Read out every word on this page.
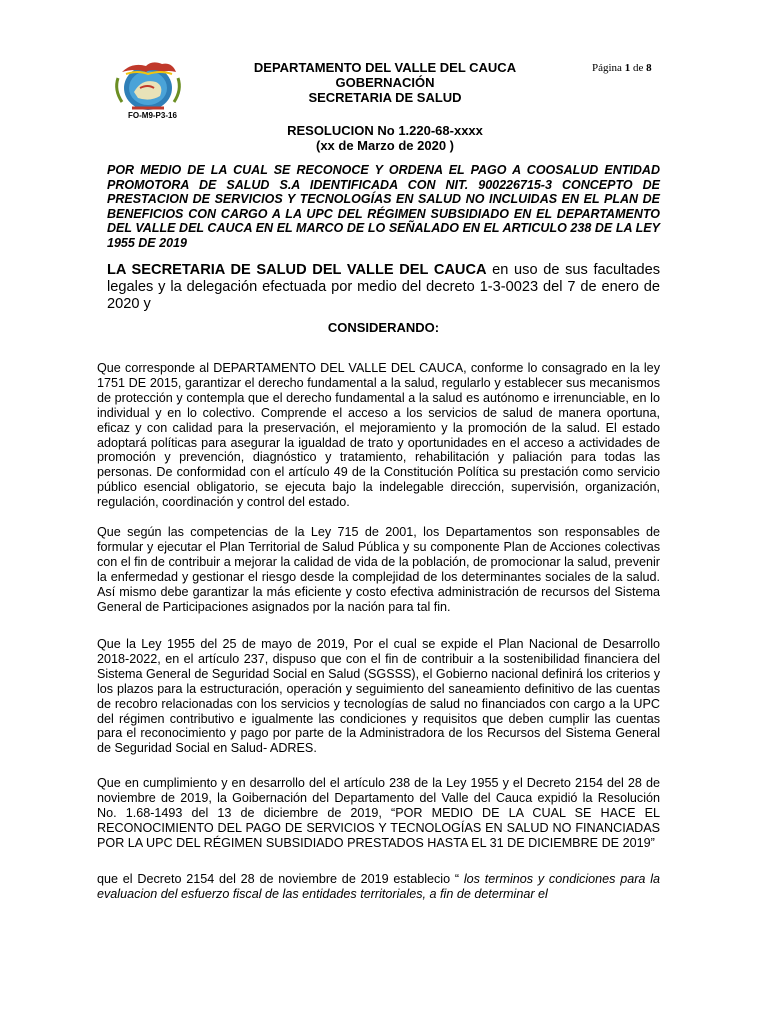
FO-M9-P3-16
DEPARTAMENTO DEL VALLE DEL CAUCA
GOBERNACIÓN
SECRETARIA DE SALUD
Página 1 de 8
RESOLUCION No 1.220-68-xxxx
(xx de Marzo de 2020 )
POR MEDIO DE LA CUAL SE RECONOCE Y ORDENA EL PAGO A COOSALUD ENTIDAD PROMOTORA DE SALUD S.A IDENTIFICADA CON NIT. 900226715-3 CONCEPTO DE PRESTACION DE SERVICIOS Y TECNOLOGÍAS EN SALUD NO INCLUIDAS EN EL PLAN DE BENEFICIOS CON CARGO A LA UPC DEL RÉGIMEN SUBSIDIADO EN EL DEPARTAMENTO DEL VALLE DEL CAUCA EN EL MARCO DE LO SEÑALADO EN EL ARTICULO 238 DE LA LEY 1955 DE 2019
LA SECRETARIA DE SALUD DEL VALLE DEL CAUCA en uso de sus facultades legales y la delegación efectuada por medio del decreto 1-3-0023 del 7 de enero de 2020 y
CONSIDERANDO:

Que corresponde al DEPARTAMENTO DEL VALLE DEL CAUCA, conforme lo consagrado en la ley 1751 DE 2015, garantizar el derecho fundamental a la salud, regularlo y establecer sus mecanismos de protección y contempla que el derecho fundamental a la salud es autónomo e irrenunciable, en lo individual y en lo colectivo. Comprende el acceso a los servicios de salud de manera oportuna, eficaz y con calidad para la preservación, el mejoramiento y la promoción de la salud. El estado adoptará políticas para asegurar la igualdad de trato y oportunidades en el acceso a actividades de promoción y prevención, diagnóstico y tratamiento, rehabilitación y paliación para todas las personas. De conformidad con el artículo 49 de la Constitución Política su prestación como servicio público esencial obligatorio, se ejecuta bajo la indelegable dirección, supervisión, organización, regulación, coordinación y control del estado.

Que según las competencias de la Ley 715 de 2001, los Departamentos son responsables de formular y ejecutar el Plan Territorial de Salud Pública y su componente Plan de Acciones colectivas con el fin de contribuir a mejorar la calidad de vida de la población, de promocionar la salud, prevenir la enfermedad y gestionar el riesgo desde la complejidad de los determinantes sociales de la salud. Así mismo debe garantizar la más eficiente y costo efectiva administración de recursos del Sistema General de Participaciones asignados por la nación para tal fin.

Que la Ley 1955 del 25 de mayo de 2019, Por el cual se expide el Plan Nacional de Desarrollo 2018-2022, en el artículo 237, dispuso que con el fin de contribuir a la sostenibilidad financiera del Sistema General de Seguridad Social en Salud (SGSSS), el Gobierno nacional definirá los criterios y los plazos para la estructuración, operación y seguimiento del saneamiento definitivo de las cuentas de recobro relacionadas con los servicios y tecnologías de salud no financiados con cargo a la UPC del régimen contributivo e igualmente las condiciones y requisitos que deben cumplir las cuentas para el reconocimiento y pago por parte de la Administradora de los Recursos del Sistema General de Seguridad Social en Salud- ADRES.

Que en cumplimiento y en desarrollo del el artículo 238 de la Ley 1955 y el Decreto 2154 del 28 de noviembre de 2019, la Goibernación del Departamento del Valle del Cauca expidió la Resolución No. 1.68-1493 del 13 de diciembre de 2019, “POR MEDIO DE LA CUAL SE HACE EL RECONOCIMIENTO DEL PAGO DE SERVICIOS Y TECNOLOGÍAS EN SALUD NO FINANCIADAS POR LA UPC DEL RÉGIMEN SUBSIDIADO PRESTADOS HASTA EL 31 DE DICIEMBRE DE 2019”

que el Decreto 2154 del 28 de noviembre de 2019 establecio “ los terminos y condiciones para la evaluacion del esfuerzo fiscal de las entidades territoriales, a fin de determinar el
